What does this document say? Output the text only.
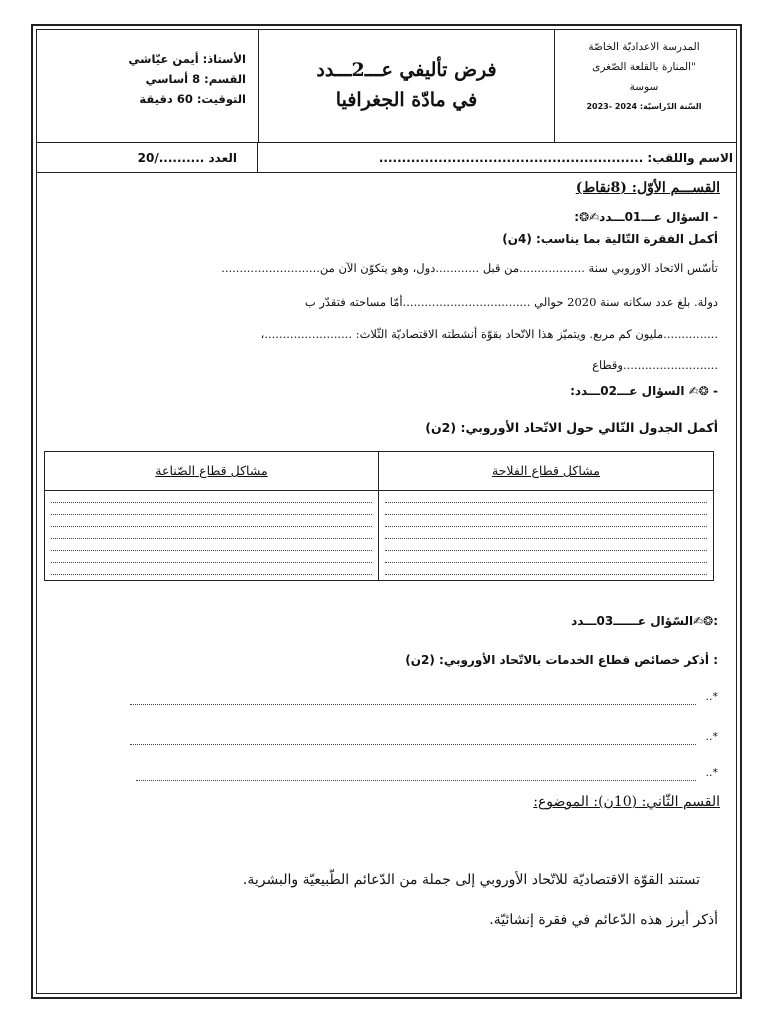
المدرسة الاعداديّة الخاصّة
"المنارة بالقلعة الصّغرى
سوسة
السّنة الدّراسيّة: 2024 -2023
فرض تأليفي عـــ2ـــدد
في مادّة الجغرافيا
الأستاذ: أيمن عيّاشي
القسم: 8 أساسي
التوقيت: 60 دقيقة
الاسم واللقب: ..........................................................
العدد ........../20
القســـم الأوّل: (8نقاط)
- السؤال عـــ01ـــدد✍❂:
أكمل الفقرة التّالية بما يناسب: (4ن)
تأسّس الاتحاد الاوروبي سنة ..................من قبل ............دول، وهو يتكوّن الآن من...........................
دولة. بلغ عدد سكانه سنة 2020 حوالي ...................................أمّا مساحته فتقدّر ب
...............مليون كم مربع. ويتميّز هذا الاتّحاد بقوّة أنشطته الاقتصاديّة الثّلاث: ........................،
..........................وقطاع
- ❂✍ السؤال عـــ02ـــدد:
أكمل الجدول التّالي حول الاتّحاد الأوروبي: (2ن)
مشاكل قطاع الفلاحة
مشاكل قطاع الصّناعة
:❂✍السّؤال عــــــ03ـــدد
: أذكر خصائص قطاع الخدمات بالاتّحاد الأوروبي: (2ن)
*..
*..
*..
القسم الثّاني: (10ن): الموضوع:
تستند القوّة الاقتصاديّة للاتّحاد الأوروبي إلى جملة من الدّعائم الطّبيعيّة والبشرية.
أذكر أبرز هذه الدّعائم في فقرة إنشائيّة.
